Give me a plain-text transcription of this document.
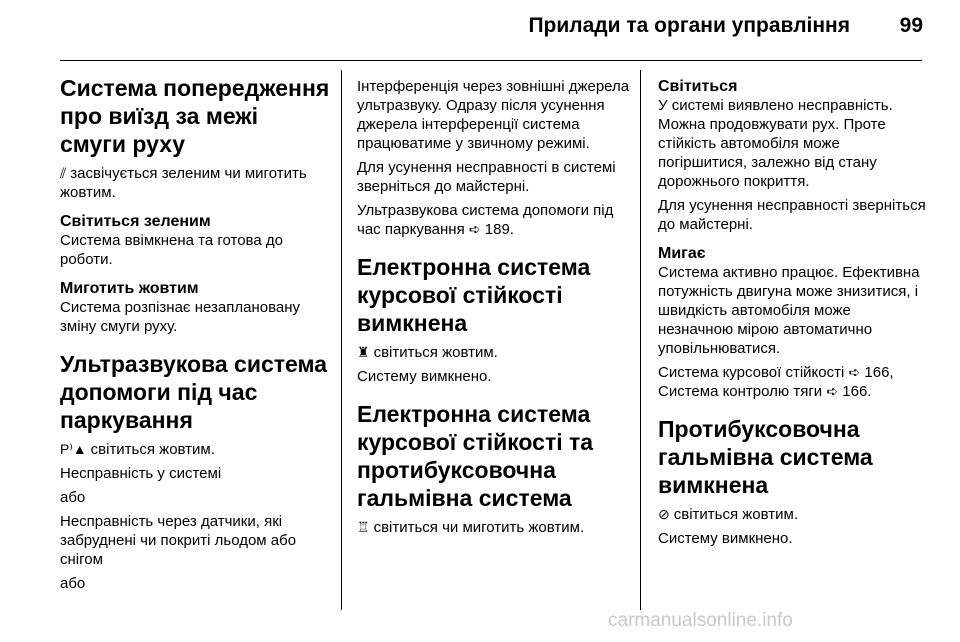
Прилади та органи управління	99
Система попередження про виїзд за межі смуги руху

⫽ засвічується зеленим чи миготить жовтим.

Світиться зеленим

Система ввімкнена та готова до роботи.

Миготить жовтим

Система розпізнає незаплановану зміну смуги руху.

Ультразвукова система допомоги під час паркування

P⁾▲ світиться жовтим.

Несправність у системі

або

Несправність через датчики, які забруднені чи покриті льодом або снігом

або

Інтерференція через зовнішні джерела ультразвуку. Одразу після усунення джерела інтерференції система працюватиме у звичному режимі.

Для усунення несправності в системі зверніться до майстерні.

Ультразвукова система допомоги під час паркування ➪ 189.

Електронна система курсової стійкості вимкнена

♜ світиться жовтим.

Систему вимкнено.

Електронна система курсової стійкості та протибуксовочна гальмівна система

♖ світиться чи миготить жовтим.

Світиться

У системі виявлено несправність. Можна продовжувати рух. Проте стійкість автомобіля може погіршитися, залежно від стану дорожнього покриття.

Для усунення несправності зверніться до майстерні.

Мигає

Система активно працює. Ефективна потужність двигуна може знизитися, і швидкість автомобіля може незначною мірою автоматично уповільнюватися.

Система курсової стійкості ➪ 166,
Система контролю тяги ➪ 166.

Протибуксовочна гальмівна система вимкнена

⊘ світиться жовтим.

Систему вимкнено.

carmanualsonline.info
